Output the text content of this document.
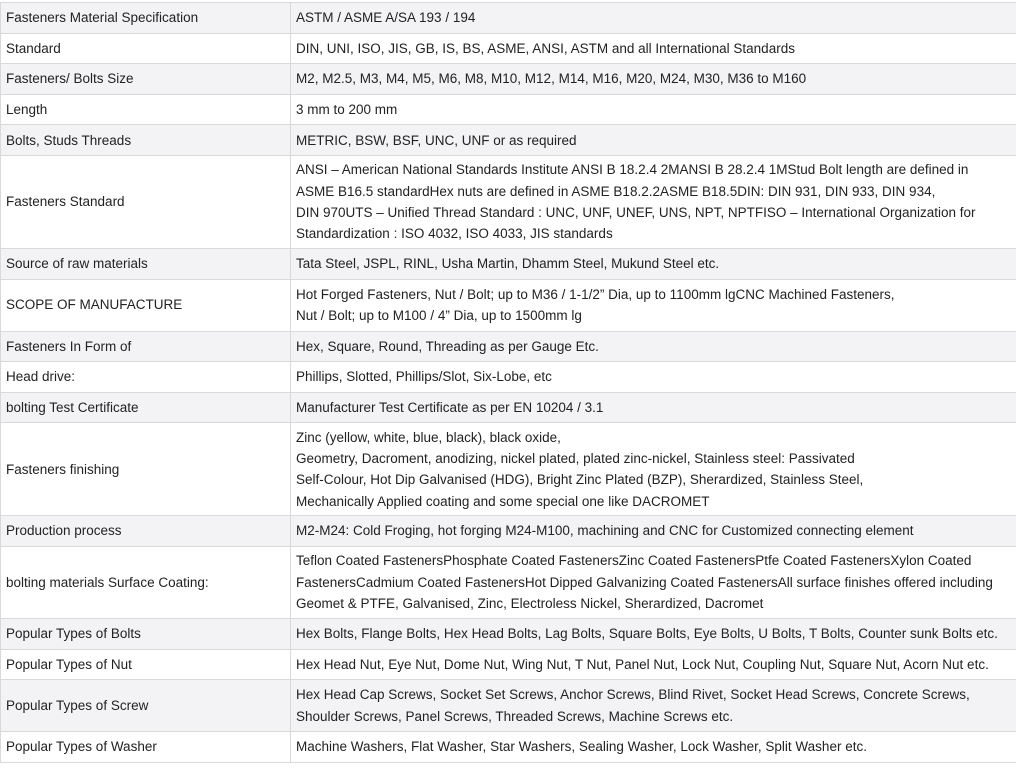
Fasteners Material Specification	ASTM / ASME A/SA 193 / 194
Standard	DIN, UNI, ISO, JIS, GB, IS, BS, ASME, ANSI, ASTM and all International Standards
Fasteners/ Bolts Size	M2, M2.5, M3, M4, M5, M6, M8, M10, M12, M14, M16, M20, M24, M30, M36 to M160
Length	3 mm to 200 mm
Bolts, Studs Threads	METRIC, BSW, BSF, UNC, UNF or as required
Fasteners Standard	ANSI – American National Standards Institute ANSI B 18.2.4 2MANSI B 28.2.4 1MStud Bolt length are defined in
ASME B16.5 standardHex nuts are defined in ASME B18.2.2ASME B18.5DIN: DIN 931, DIN 933, DIN 934,
DIN 970UTS – Unified Thread Standard : UNC, UNF, UNEF, UNS, NPT, NPTFISO – International Organization for
Standardization : ISO 4032, ISO 4033, JIS standards
Source of raw materials	Tata Steel, JSPL, RINL, Usha Martin, Dhamm Steel, Mukund Steel etc.
SCOPE OF MANUFACTURE	Hot Forged Fasteners, Nut / Bolt; up to M36 / 1-1/2” Dia, up to 1100mm lgCNC Machined Fasteners,
Nut / Bolt; up to M100 / 4” Dia, up to 1500mm lg
Fasteners In Form of	Hex, Square, Round, Threading as per Gauge Etc.
Head drive:	Phillips, Slotted, Phillips/Slot, Six-Lobe, etc
bolting Test Certificate	Manufacturer Test Certificate as per EN 10204 / 3.1
Fasteners finishing	Zinc (yellow, white, blue, black), black oxide,
Geometry, Dacroment, anodizing, nickel plated, plated zinc-nickel, Stainless steel: Passivated
Self-Colour, Hot Dip Galvanised (HDG), Bright Zinc Plated (BZP), Sherardized, Stainless Steel,
Mechanically Applied coating and some special one like DACROMET
Production process	M2-M24: Cold Froging, hot forging M24-M100, machining and CNC for Customized connecting element
bolting materials Surface Coating:	Teflon Coated FastenersPhosphate Coated FastenersZinc Coated FastenersPtfe Coated FastenersXylon Coated
FastenersCadmium Coated FastenersHot Dipped Galvanizing Coated FastenersAll surface finishes offered including
Geomet & PTFE, Galvanised, Zinc, Electroless Nickel, Sherardized, Dacromet
Popular Types of Bolts	Hex Bolts, Flange Bolts, Hex Head Bolts, Lag Bolts, Square Bolts, Eye Bolts, U Bolts, T Bolts, Counter sunk Bolts etc.
Popular Types of Nut	Hex Head Nut, Eye Nut, Dome Nut, Wing Nut, T Nut, Panel Nut, Lock Nut, Coupling Nut, Square Nut, Acorn Nut etc.
Popular Types of Screw	Hex Head Cap Screws, Socket Set Screws, Anchor Screws, Blind Rivet, Socket Head Screws, Concrete Screws,
Shoulder Screws, Panel Screws, Threaded Screws, Machine Screws etc.
Popular Types of Washer	Machine Washers, Flat Washer, Star Washers, Sealing Washer, Lock Washer, Split Washer etc.
